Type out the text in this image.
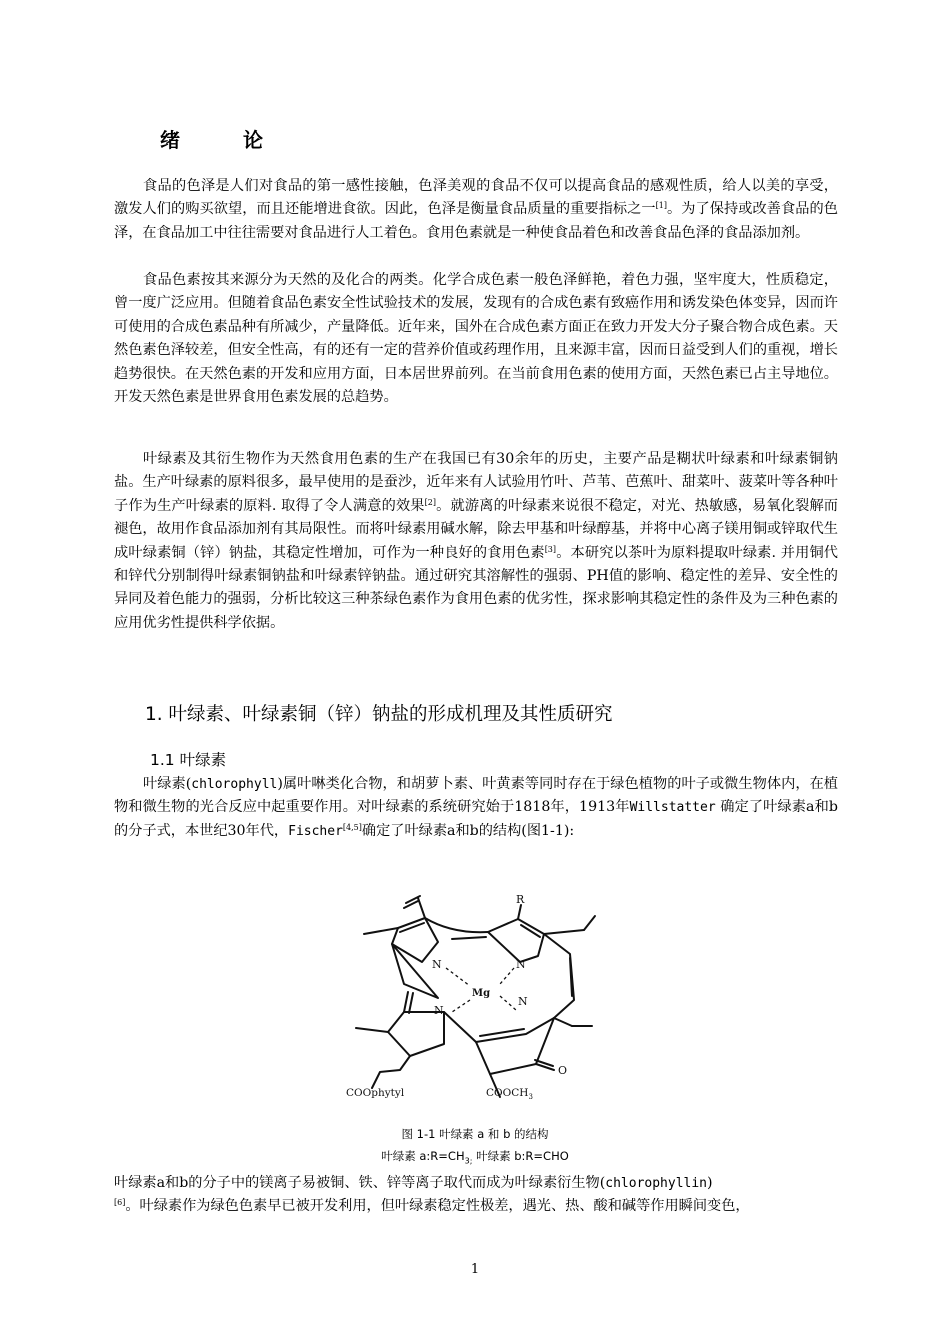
绪 论

食品的色泽是人们对食品的第一感性接触，色泽美观的食品不仅可以提高食品的感观性质，给人以美的享受，激发人们的购买欲望，而且还能增进食欲。因此，色泽是衡量食品质量的重要指标之一[1]。为了保持或改善食品的色泽，在食品加工中往往需要对食品进行人工着色。食用色素就是一种使食品着色和改善食品色泽的食品添加剂。

食品色素按其来源分为天然的及化合的两类。化学合成色素一般色泽鲜艳，着色力强，坚牢度大，性质稳定，曾一度广泛应用。但随着食品色素安全性试验技术的发展，发现有的合成色素有致癌作用和诱发染色体变异，因而许可使用的合成色素品种有所减少，产量降低。近年来，国外在合成色素方面正在致力开发大分子聚合物合成色素。天然色素色泽较差，但安全性高，有的还有一定的营养价值或药理作用，且来源丰富，因而日益受到人们的重视，增长趋势很快。在天然色素的开发和应用方面，日本居世界前列。在当前食用色素的使用方面，天然色素已占主导地位。开发天然色素是世界食用色素发展的总趋势。

叶绿素及其衍生物作为天然食用色素的生产在我国已有30余年的历史，主要产品是糊状叶绿素和叶绿素铜钠盐。生产叶绿素的原料很多，最早使用的是蚕沙，近年来有人试验用竹叶、芦苇、芭蕉叶、甜菜叶、菠菜叶等各种叶子作为生产叶绿素的原料. 取得了令人满意的效果[2]。就游离的叶绿素来说很不稳定，对光、热敏感，易氧化裂解而褪色，故用作食品添加剂有其局限性。而将叶绿素用碱水解，除去甲基和叶绿醇基，并将中心离子镁用铜或锌取代生成叶绿素铜（锌）钠盐，其稳定性增加，可作为一种良好的食用色素[3]。本研究以茶叶为原料提取叶绿素. 并用铜代和锌代分别制得叶绿素铜钠盐和叶绿素锌钠盐。通过研究其溶解性的强弱、PH值的影响、稳定性的差异、安全性的异同及着色能力的强弱，分析比较这三种茶绿色素作为食用色素的优劣性，探求影响其稳定性的条件及为三种色素的应用优劣性提供科学依据。

1. 叶绿素、叶绿素铜（锌）钠盐的形成机理及其性质研究
1.1 叶绿素

叶绿素(chlorophyll)属叶啉类化合物，和胡萝卜素、叶黄素等同时存在于绿色植物的叶子或微生物体内，在植物和微生物的光合反应中起重要作用。对叶绿素的系统研究始于1818年，1913年Willstatter 确定了叶绿素a和b的分子式，本世纪30年代，Fischer[4,5]确定了叶绿素a和b的结构(图1-1):

R
N	N
N
N
Mg
O
COOphytyl	$COOCH_3$
图 1-1 叶绿素 a 和 b 的结构
叶绿素 $a:R=CH_{3;}$ 叶绿素 b:R=CHO

叶绿素a和b的分子中的镁离子易被铜、铁、锌等离子取代而成为叶绿素衍生物(chlorophyllin)
[6]。叶绿素作为绿色色素早已被开发利用，但叶绿素稳定性极差，遇光、热、酸和碱等作用瞬间变色，

1
